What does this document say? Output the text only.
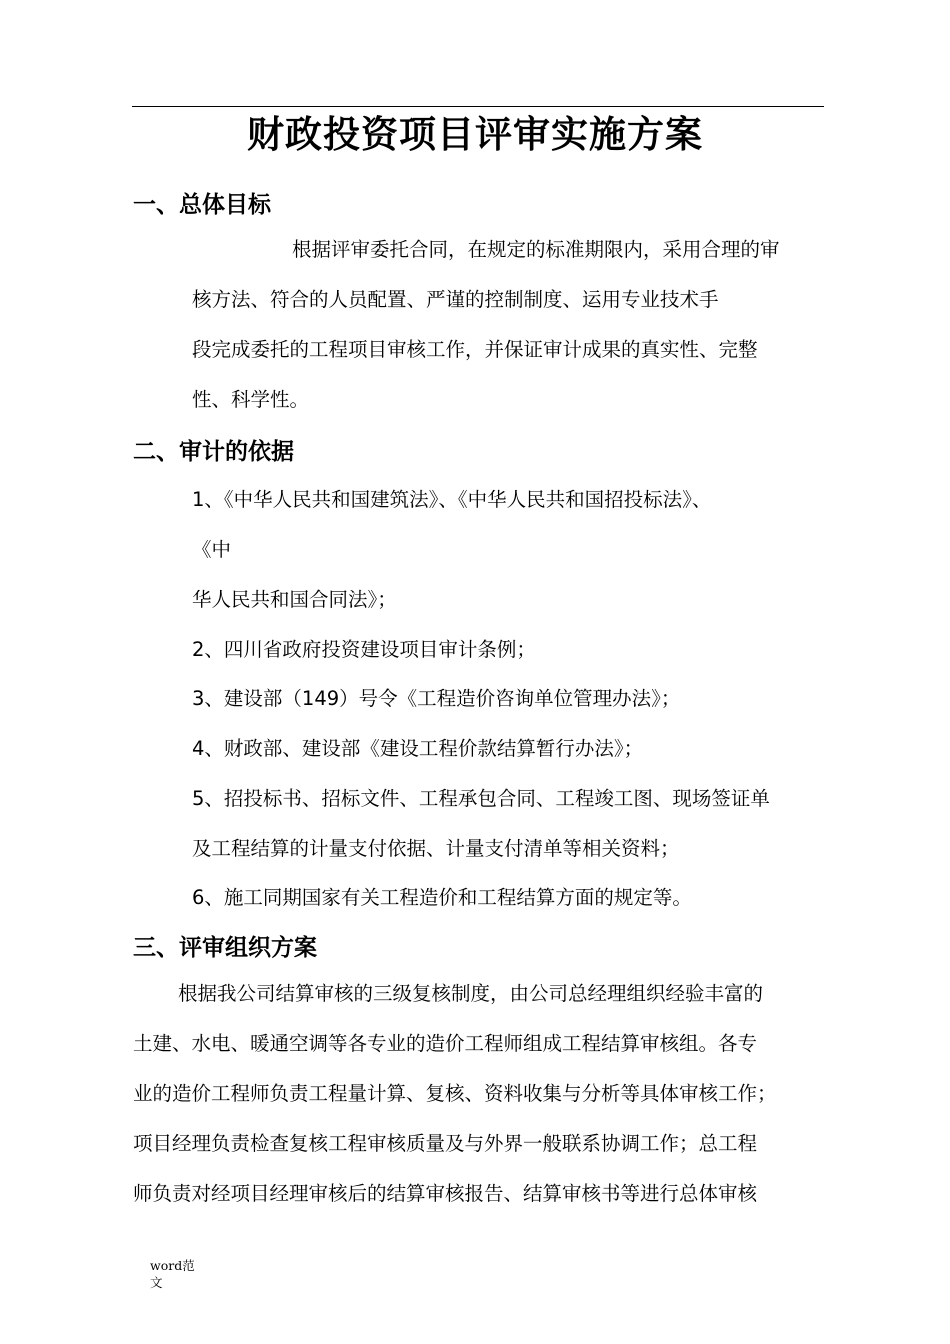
财政投资项目评审实施方案
一、总体目标
根据评审委托合同，在规定的标准期限内，采用合理的审
核方法、符合的人员配置、严谨的控制制度、运用专业技术手
段完成委托的工程项目审核工作，并保证审计成果的真实性、完整
性、科学性。
二、审计的依据
1、《中华人民共和国建筑法》、《中华人民共和国招投标法》、
《中
华人民共和国合同法》；
2、四川省政府投资建设项目审计条例；
3、建设部（149）号令《工程造价咨询单位管理办法》；
4、财政部、建设部《建设工程价款结算暂行办法》；
5、招投标书、招标文件、工程承包合同、工程竣工图、现场签证单
及工程结算的计量支付依据、计量支付清单等相关资料；
6、施工同期国家有关工程造价和工程结算方面的规定等。
三、评审组织方案
根据我公司结算审核的三级复核制度，由公司总经理组织经验丰富的
土建、水电、暖通空调等各专业的造价工程师组成工程结算审核组。各专
业的造价工程师负责工程量计算、复核、资料收集与分析等具体审核工作；
项目经理负责检查复核工程审核质量及与外界一般联系协调工作；总工程
师负责对经项目经理审核后的结算审核报告、结算审核书等进行总体审核
word范
文
